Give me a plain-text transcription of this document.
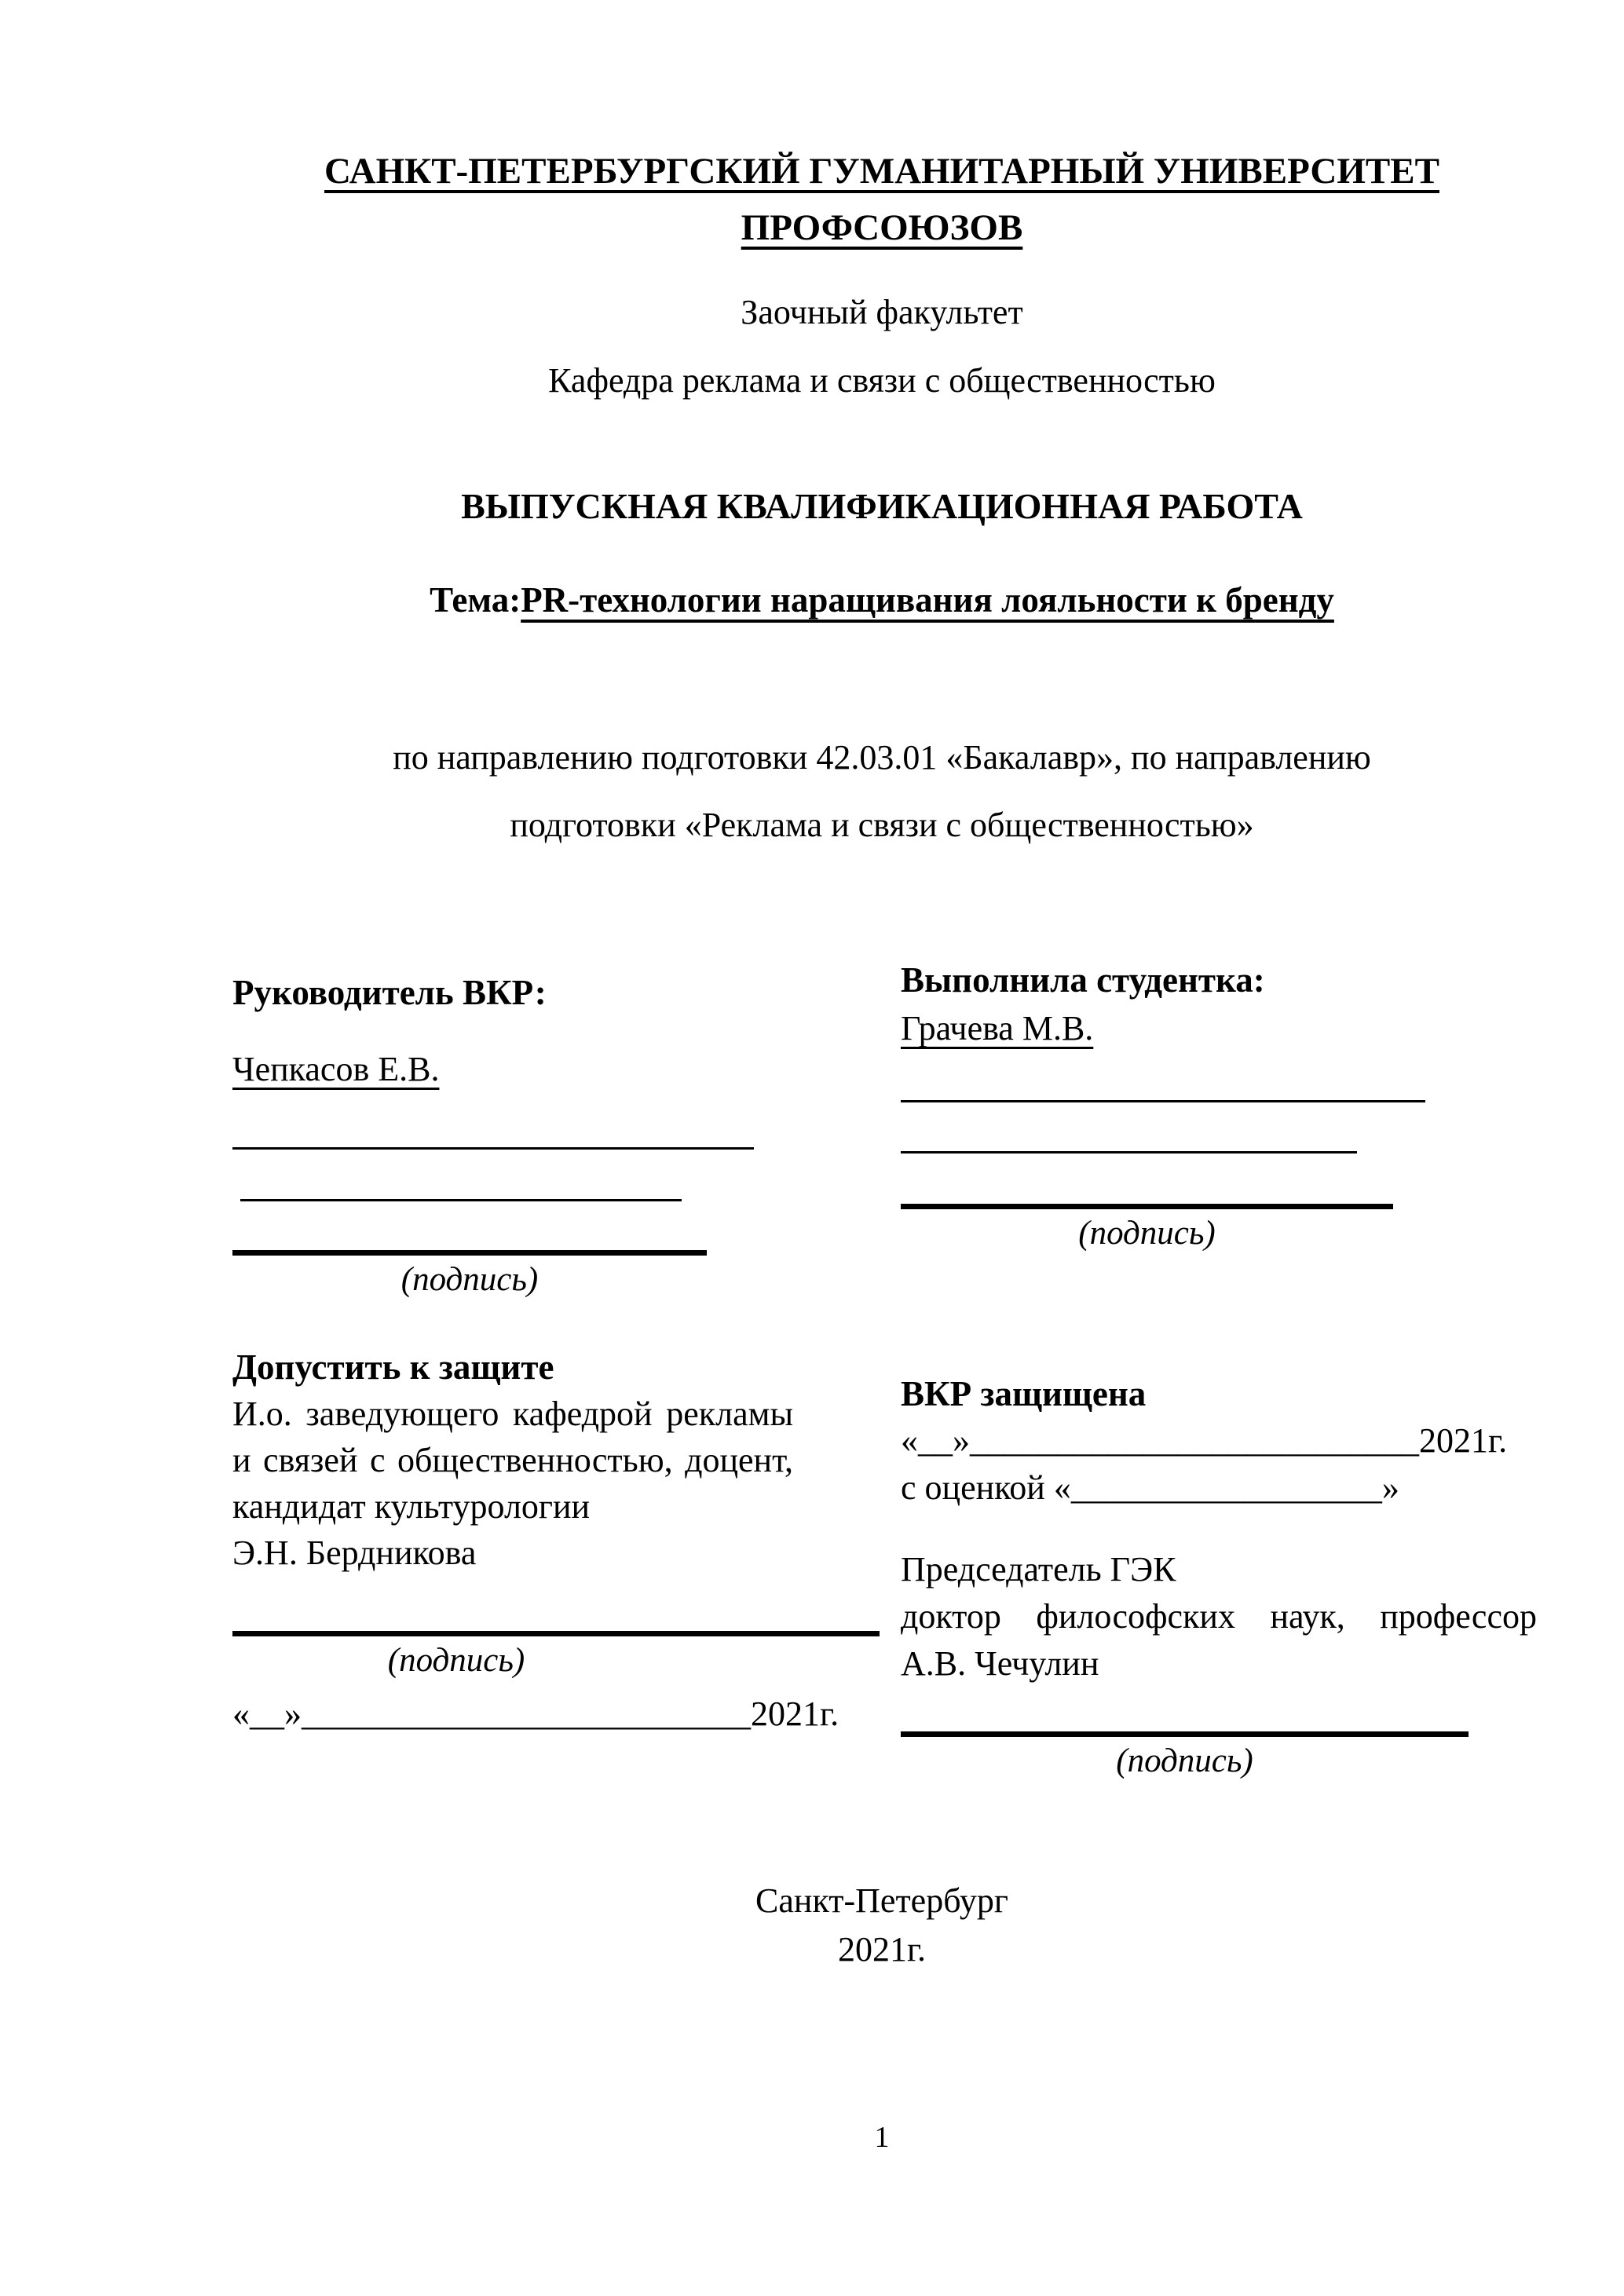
САНКТ-ПЕТЕРБУРГСКИЙ ГУМАНИТАРНЫЙ УНИВЕРСИТЕТ
ПРОФСОЮЗОВ
Заочный факультет
Кафедра реклама и связи с общественностью
ВЫПУСКНАЯ КВАЛИФИКАЦИОННАЯ РАБОТА
Тема:PR-технологии наращивания лояльности к бренду
по направлению подготовки 42.03.01 «Бакалавр», по направлению
подготовки «Реклама и связи с общественностью»
Руководитель ВКР:
Чепкасов Е.В.
(подпись)
Выполнила студентка:
Грачева М.В.
(подпись)
Допустить к защите
И.о. заведующего кафедрой рекламы и связей с общественностью, доцент, кандидат культурологии
Э.Н. Бердникова
(подпись)
«__»__________________________2021г.
ВКР защищена
«__»__________________________2021г.
с оценкой «__________________»
Председатель ГЭК
доктор философских наук, профессор
А.В. Чечулин
(подпись)
Санкт-Петербург
2021г.
1
